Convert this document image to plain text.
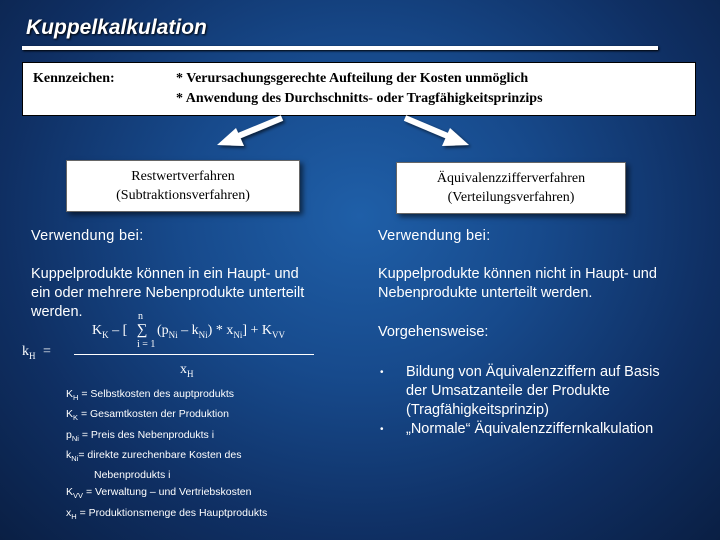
Kuppelkalkulation
Kennzeichen:	* Verursachungsgerechte Aufteilung der Kosten unmöglich
* Anwendung des Durchschnitts- oder Tragfähigkeitsprinzips
Restwertverfahren
(Subtraktionsverfahren)
Äquivalenzzifferverfahren
(Verteilungsverfahren)
Verwendung bei:
Kuppelprodukte können in ein Haupt- und
ein oder mehrere Nebenprodukte unterteilt
werden.
$k_H$ =
n
$K_K$ – [ ∑ $(p_{Ni} - k_{Ni}) * x_{Ni}] + K_{VV}$
i = 1
$x_H$
$K_H$ = Selbstkosten des auptprodukts
$K_K$ = Gesamtkosten der Produktion
$p_{Ni}$ = Preis des Nebenprodukts i
$k_{Ni}=$ direkte zurechenbare Kosten des
Nebenprodukts i
$K_{VV}$ = Verwaltung – und Vertriebskosten
$x_H$ = Produktionsmenge des Hauptprodukts
Verwendung bei:
Kuppelprodukte können nicht in Haupt- und
Nebenprodukte unterteilt werden.
Vorgehensweise:
• Bildung von Äquivalenzziffern auf Basis
der Umsatzanteile der Produkte
(Tragfähigkeitsprinzip)
• „Normale“ Äquivalenzziffernkalkulation
